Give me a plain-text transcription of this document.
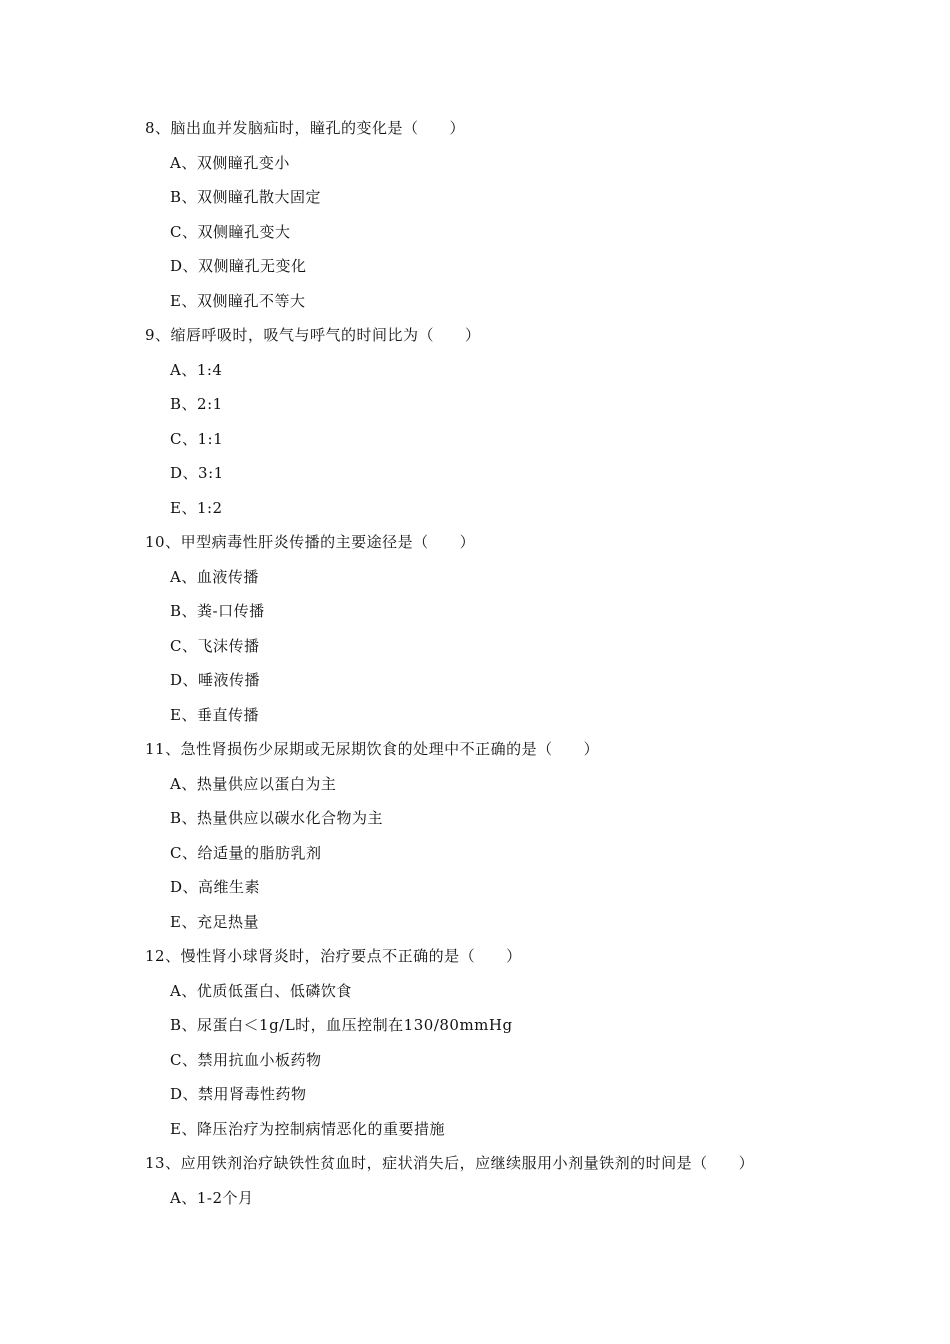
8、脑出血并发脑疝时，瞳孔的变化是（　　）
A、双侧瞳孔变小
B、双侧瞳孔散大固定
C、双侧瞳孔变大
D、双侧瞳孔无变化
E、双侧瞳孔不等大
9、缩唇呼吸时，吸气与呼气的时间比为（　　）
A、1:4
B、2:1
C、1:1
D、3:1
E、1:2
10、甲型病毒性肝炎传播的主要途径是（　　）
A、血液传播
B、粪-口传播
C、飞沫传播
D、唾液传播
E、垂直传播
11、急性肾损伤少尿期或无尿期饮食的处理中不正确的是（　　）
A、热量供应以蛋白为主
B、热量供应以碳水化合物为主
C、给适量的脂肪乳剂
D、高维生素
E、充足热量
12、慢性肾小球肾炎时，治疗要点不正确的是（　　）
A、优质低蛋白、低磷饮食
B、尿蛋白＜1g/L时，血压控制在130/80mmHg
C、禁用抗血小板药物
D、禁用肾毒性药物
E、降压治疗为控制病情恶化的重要措施
13、应用铁剂治疗缺铁性贫血时，症状消失后，应继续服用小剂量铁剂的时间是（　　）
A、1-2个月
